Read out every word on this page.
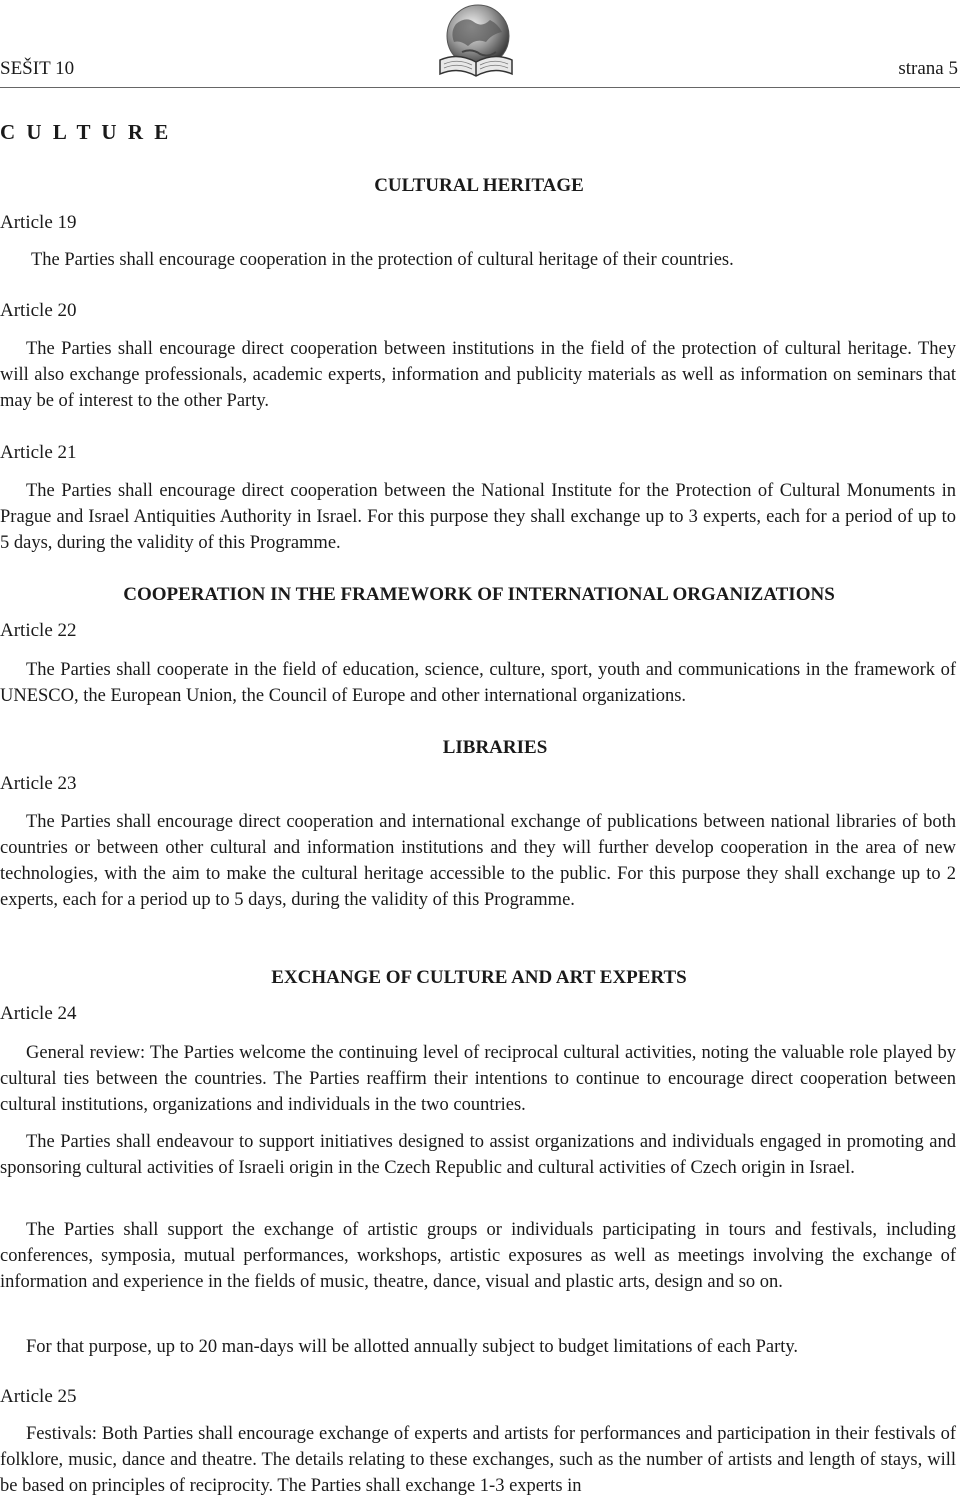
SEŠIT 10	strana 5
C U L T U R E
CULTURAL HERITAGE
Article 19
The Parties shall encourage cooperation in the protection of cultural heritage of their countries.
Article 20

The Parties shall encourage direct cooperation between institutions in the field of the protection of cultural heritage. They will also exchange professionals, academic experts, information and publicity materials as well as information on seminars that may be of interest to the other Party.

Article 21

The Parties shall encourage direct cooperation between the National Institute for the Protection of Cultural Monuments in Prague and Israel Antiquities Authority in Israel. For this purpose they shall exchange up to 3 experts, each for a period of up to 5 days, during the validity of this Programme.

COOPERATION IN THE FRAMEWORK OF INTERNATIONAL ORGANIZATIONS
Article 22

The Parties shall cooperate in the field of education, science, culture, sport, youth and communications in the framework of UNESCO, the European Union, the Council of Europe and other international organizations.

LIBRARIES
Article 23

The Parties shall encourage direct cooperation and international exchange of publications between national libraries of both countries or between other cultural and information institutions and they will further develop cooperation in the area of new technologies, with the aim to make the cultural heritage accessible to the public. For this purpose they shall exchange up to 2 experts, each for a period up to 5 days, during the validity of this Programme.

EXCHANGE OF CULTURE AND ART EXPERTS
Article 24

General review: The Parties welcome the continuing level of reciprocal cultural activities, noting the valuable role played by cultural ties between the countries. The Parties reaffirm their intentions to continue to encourage direct cooperation between cultural institutions, organizations and individuals in the two countries.

The Parties shall endeavour to support initiatives designed to assist organizations and individuals engaged in promoting and sponsoring cultural activities of Israeli origin in the Czech Republic and cultural activities of Czech origin in Israel.

The Parties shall support the exchange of artistic groups or individuals participating in tours and festivals, including conferences, symposia, mutual performances, workshops, artistic exposures as well as meetings involving the exchange of information and experience in the fields of music, theatre, dance, visual and plastic arts, design and so on.

For that purpose, up to 20 man-days will be allotted annually subject to budget limitations of each Party.

Article 25

Festivals: Both Parties shall encourage exchange of experts and artists for performances and participation in their festivals of folklore, music, dance and theatre. The details relating to these exchanges, such as the number of artists and length of stays, will be based on principles of reciprocity. The Parties shall exchange 1-3 experts in
